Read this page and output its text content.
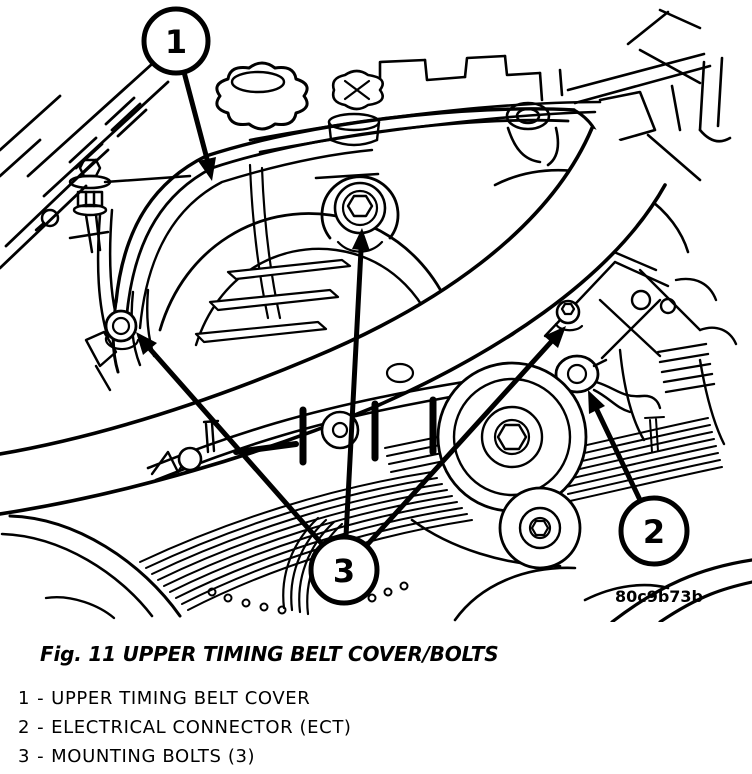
1
2
3
80c9b73b
Fig. 11 UPPER TIMING BELT COVER/BOLTS
1 - UPPER TIMING BELT COVER
2 - ELECTRICAL CONNECTOR (ECT)
3 - MOUNTING BOLTS (3)
